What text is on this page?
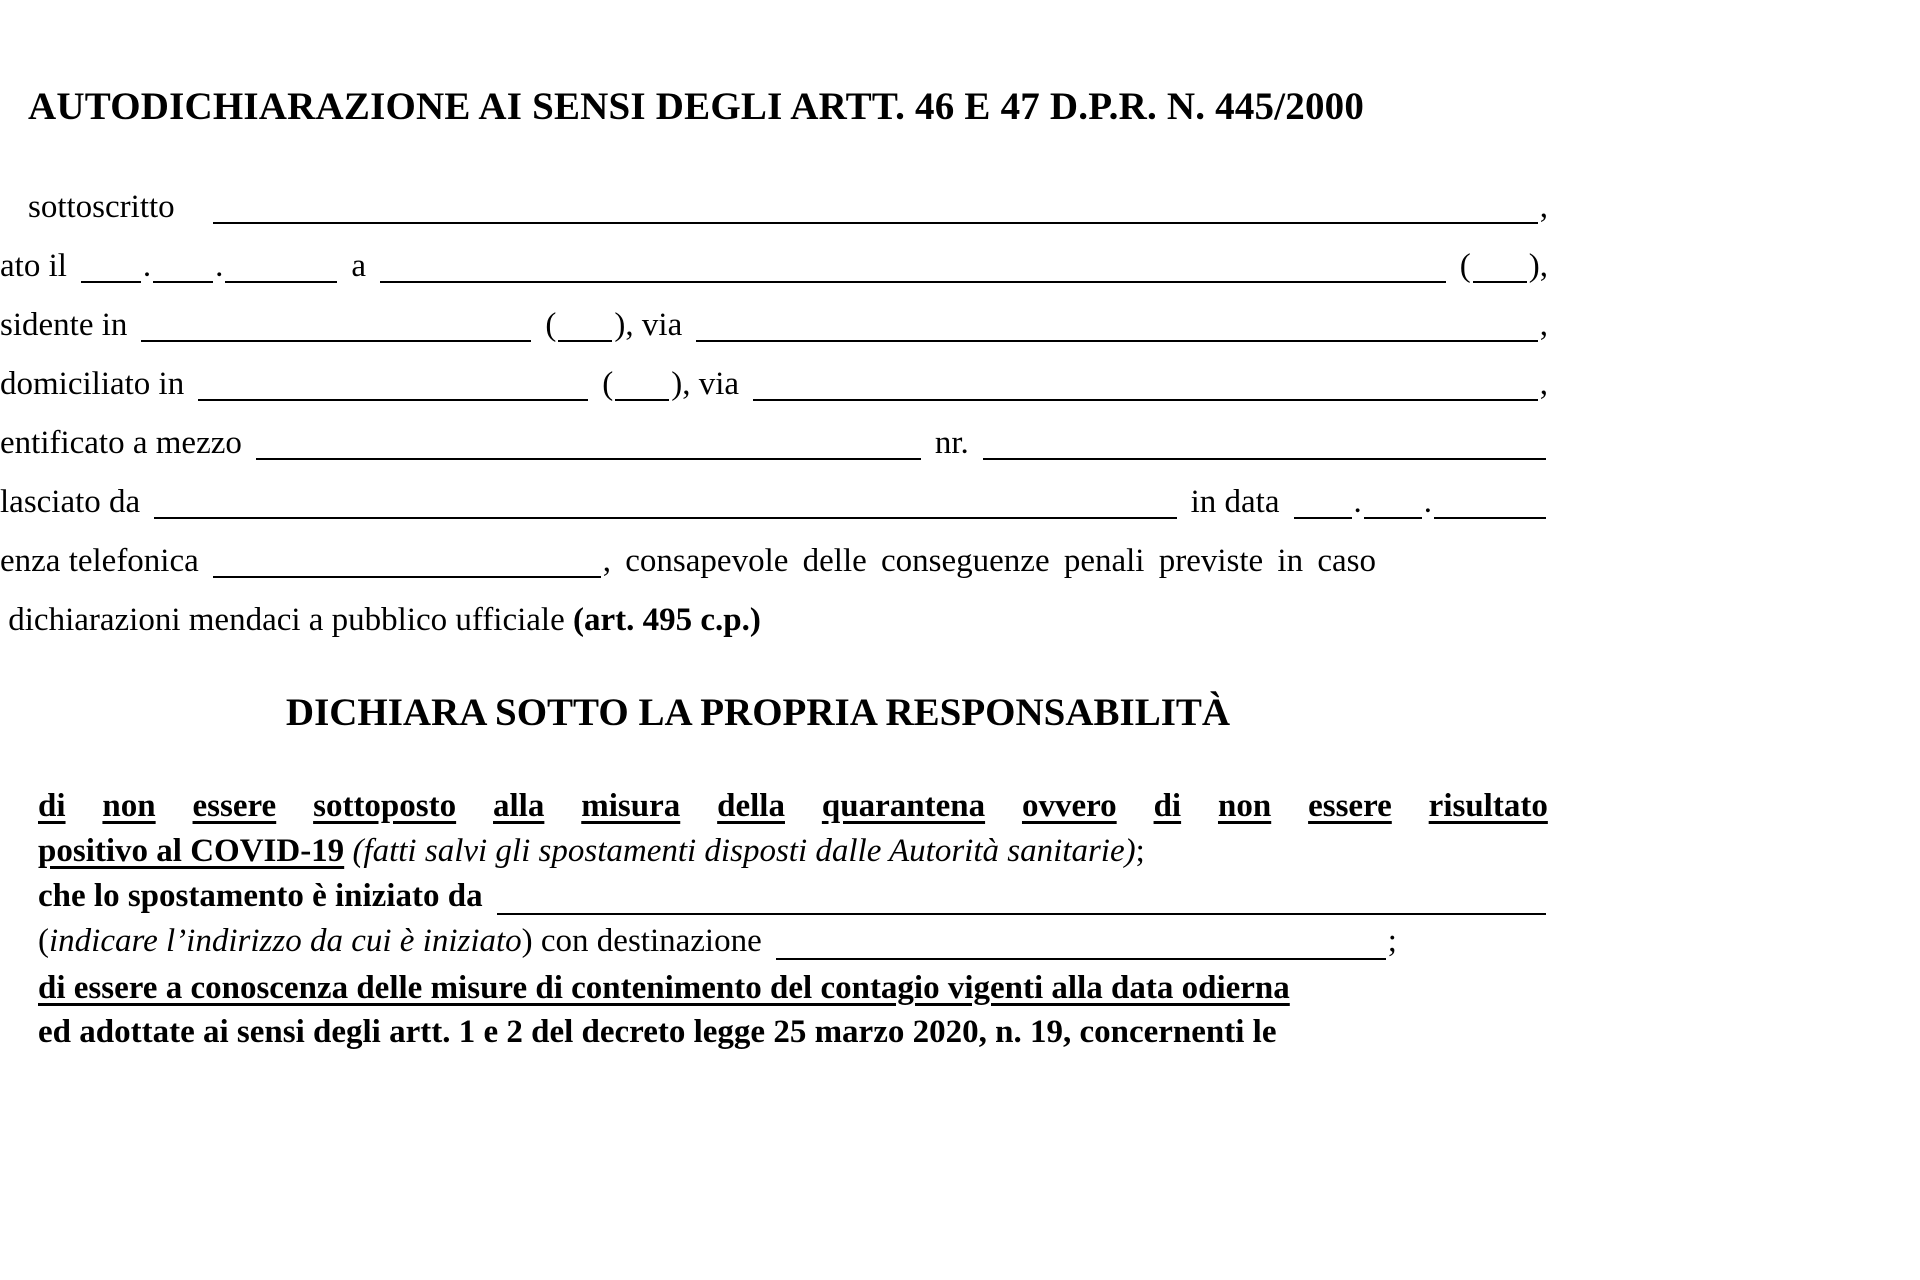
AUTODICHIARAZIONE AI SENSI DEGLI ARTT. 46 E 47 D.P.R. N. 445/2000
sottoscritto	,
ato il . .	a	( ),
sidente in	( ), via	,
domiciliato in	( ), via	,
entificato a mezzo	nr.
lasciato da	in data . .
enza telefonica	, consapevole delle conseguenze penali previste in caso
dichiarazioni mendaci a pubblico ufficiale (art. 495 c.p.)
DICHIARA SOTTO LA PROPRIA RESPONSABILITÀ
di non essere sottoposto alla misura della quarantena ovvero di non essere risultato
positivo al COVID-19 (fatti salvi gli spostamenti disposti dalle Autorità sanitarie);
che lo spostamento è iniziato da
( indicare l’indirizzo da cui è iniziato ) con destinazione	;
di essere a conoscenza delle misure di contenimento del contagio vigenti alla data odierna
ed adottate ai sensi degli artt. 1 e 2 del decreto legge 25 marzo 2020, n. 19, concernenti le
